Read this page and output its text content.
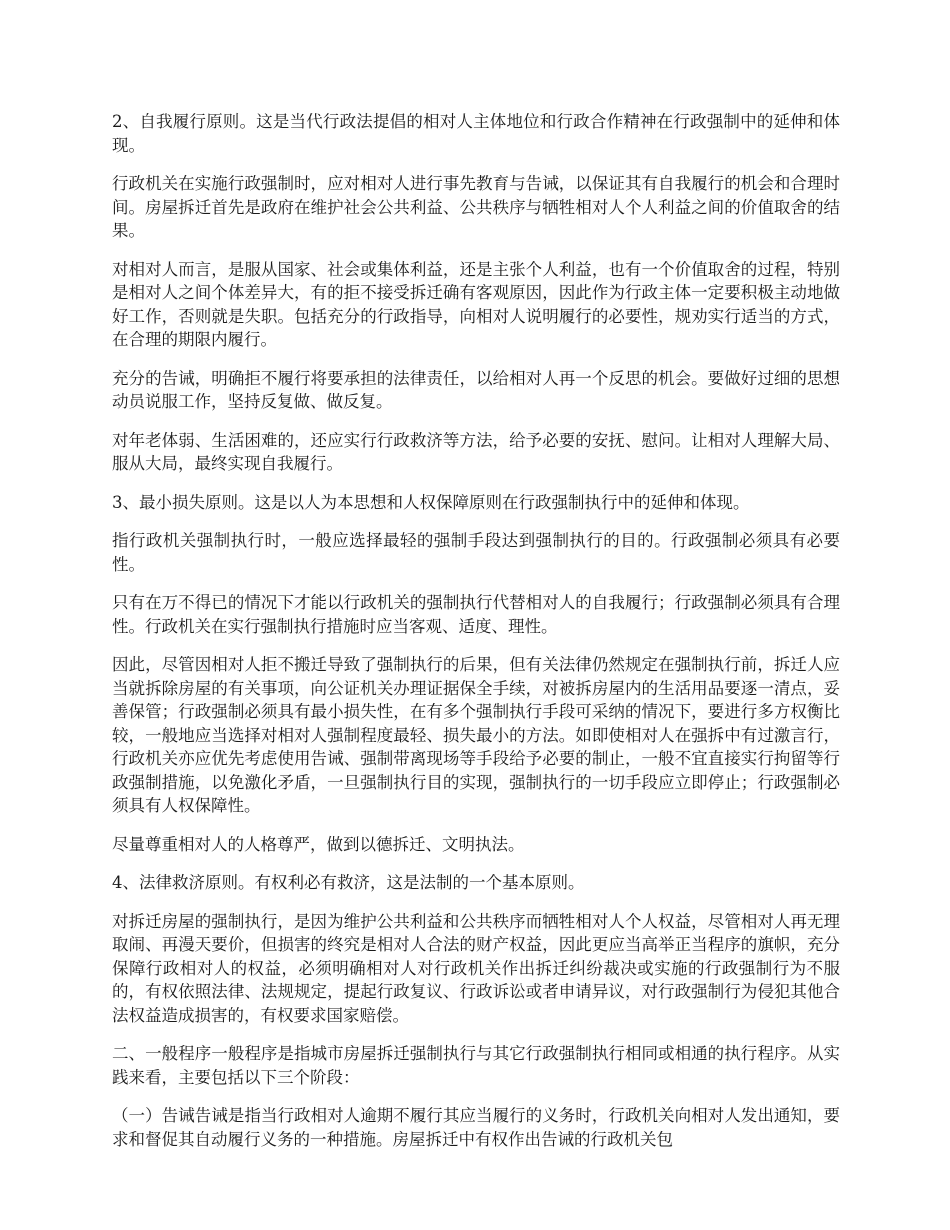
2、自我履行原则。这是当代行政法提倡的相对人主体地位和行政合作精神在行政强制中的延伸和体现。

行政机关在实施行政强制时，应对相对人进行事先教育与告诫，以保证其有自我履行的机会和合理时间。房屋拆迁首先是政府在维护社会公共利益、公共秩序与牺牲相对人个人利益之间的价值取舍的结果。

对相对人而言，是服从国家、社会或集体利益，还是主张个人利益，也有一个价值取舍的过程，特别是相对人之间个体差异大，有的拒不接受拆迁确有客观原因，因此作为行政主体一定要积极主动地做好工作，否则就是失职。包括充分的行政指导，向相对人说明履行的必要性，规劝实行适当的方式，在合理的期限内履行。

充分的告诫，明确拒不履行将要承担的法律责任，以给相对人再一个反思的机会。要做好过细的思想动员说服工作，坚持反复做、做反复。

对年老体弱、生活困难的，还应实行行政救济等方法，给予必要的安抚、慰问。让相对人理解大局、服从大局，最终实现自我履行。

3、最小损失原则。这是以人为本思想和人权保障原则在行政强制执行中的延伸和体现。

指行政机关强制执行时，一般应选择最轻的强制手段达到强制执行的目的。行政强制必须具有必要性。

只有在万不得已的情况下才能以行政机关的强制执行代替相对人的自我履行；行政强制必须具有合理性。行政机关在实行强制执行措施时应当客观、适度、理性。

因此，尽管因相对人拒不搬迁导致了强制执行的后果，但有关法律仍然规定在强制执行前，拆迁人应当就拆除房屋的有关事项，向公证机关办理证据保全手续，对被拆房屋内的生活用品要逐一清点，妥善保管；行政强制必须具有最小损失性，在有多个强制执行手段可采纳的情况下，要进行多方权衡比较，一般地应当选择对相对人强制程度最轻、损失最小的方法。如即使相对人在强拆中有过激言行，行政机关亦应优先考虑使用告诫、强制带离现场等手段给予必要的制止，一般不宜直接实行拘留等行政强制措施，以免激化矛盾，一旦强制执行目的实现，强制执行的一切手段应立即停止；行政强制必须具有人权保障性。

尽量尊重相对人的人格尊严，做到以德拆迁、文明执法。

4、法律救济原则。有权利必有救济，这是法制的一个基本原则。

对拆迁房屋的强制执行，是因为维护公共利益和公共秩序而牺牲相对人个人权益，尽管相对人再无理取闹、再漫天要价，但损害的终究是相对人合法的财产权益，因此更应当高举正当程序的旗帜，充分保障行政相对人的权益，必须明确相对人对行政机关作出拆迁纠纷裁决或实施的行政强制行为不服的，有权依照法律、法规规定，提起行政复议、行政诉讼或者申请异议，对行政强制行为侵犯其他合法权益造成损害的，有权要求国家赔偿。

二、一般程序一般程序是指城市房屋拆迁强制执行与其它行政强制执行相同或相通的执行程序。从实践来看，主要包括以下三个阶段：

（一）告诫告诫是指当行政相对人逾期不履行其应当履行的义务时，行政机关向相对人发出通知，要求和督促其自动履行义务的一种措施。房屋拆迁中有权作出告诫的行政机关包
